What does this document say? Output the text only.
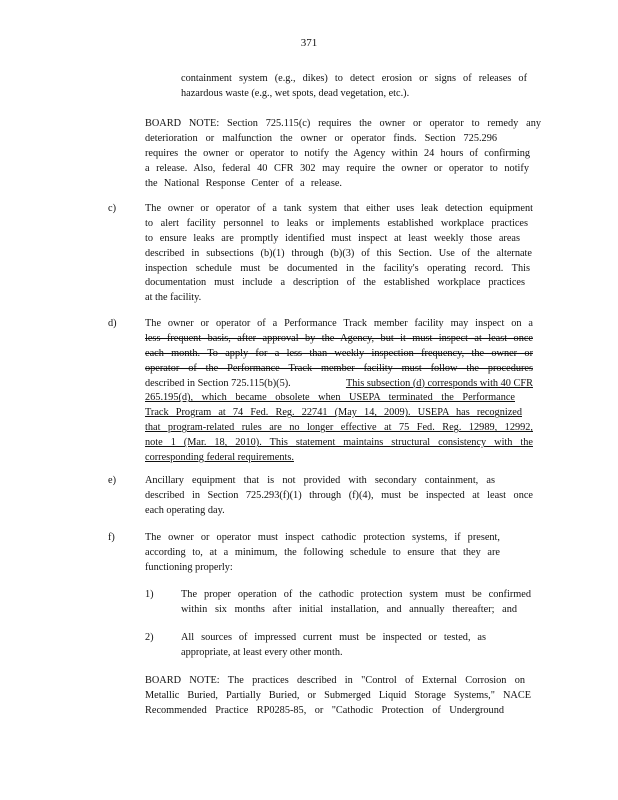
371
containment system (e.g., dikes) to detect erosion or signs of releases of
hazardous waste (e.g., wet spots, dead vegetation, etc.).
BOARD NOTE: Section 725.115(c) requires the owner or operator to remedy any
deterioration or malfunction the owner or operator finds. Section 725.296
requires the owner or operator to notify the Agency within 24 hours of confirming
a release. Also, federal 40 CFR 302 may require the owner or operator to notify
the National Response Center of a release.
c)	The owner or operator of a tank system that either uses leak detection equipment
to alert facility personnel to leaks or implements established workplace practices
to ensure leaks are promptly identified must inspect at least weekly those areas
described in subsections (b)(1) through (b)(3) of this Section. Use of the alternate
inspection schedule must be documented in the facility's operating record. This
documentation must include a description of the established workplace practices
at the facility.
d)	The owner or operator of a Performance Track member facility may inspect on a
less frequent basis, after approval by the Agency, but it must inspect at least once
each month. To apply for a less than weekly inspection frequency, the owner or
operator of the Performance Track member facility must follow the procedures
described in Section 725.115(b)(5).	This subsection (d) corresponds with 40 CFR
265.195(d), which became obsolete when USEPA terminated the Performance
Track Program at 74 Fed. Reg. 22741 (May 14, 2009). USEPA has recognized
that program-related rules are no longer effective at 75 Fed. Reg. 12989, 12992,
note 1 (Mar. 18, 2010). This statement maintains structural consistency with the
corresponding federal requirements.
e)	Ancillary equipment that is not provided with secondary containment, as
described in Section 725.293(f)(1) through (f)(4), must be inspected at least once
each operating day.
f)	The owner or operator must inspect cathodic protection systems, if present,
according to, at a minimum, the following schedule to ensure that they are
functioning properly:
1)	The proper operation of the cathodic protection system must be confirmed
within six months after initial installation, and annually thereafter; and
2)	All sources of impressed current must be inspected or tested, as
appropriate, at least every other month.
BOARD NOTE: The practices described in "Control of External Corrosion on
Metallic Buried, Partially Buried, or Submerged Liquid Storage Systems," NACE
Recommended Practice RP0285-85, or "Cathodic Protection of Underground
